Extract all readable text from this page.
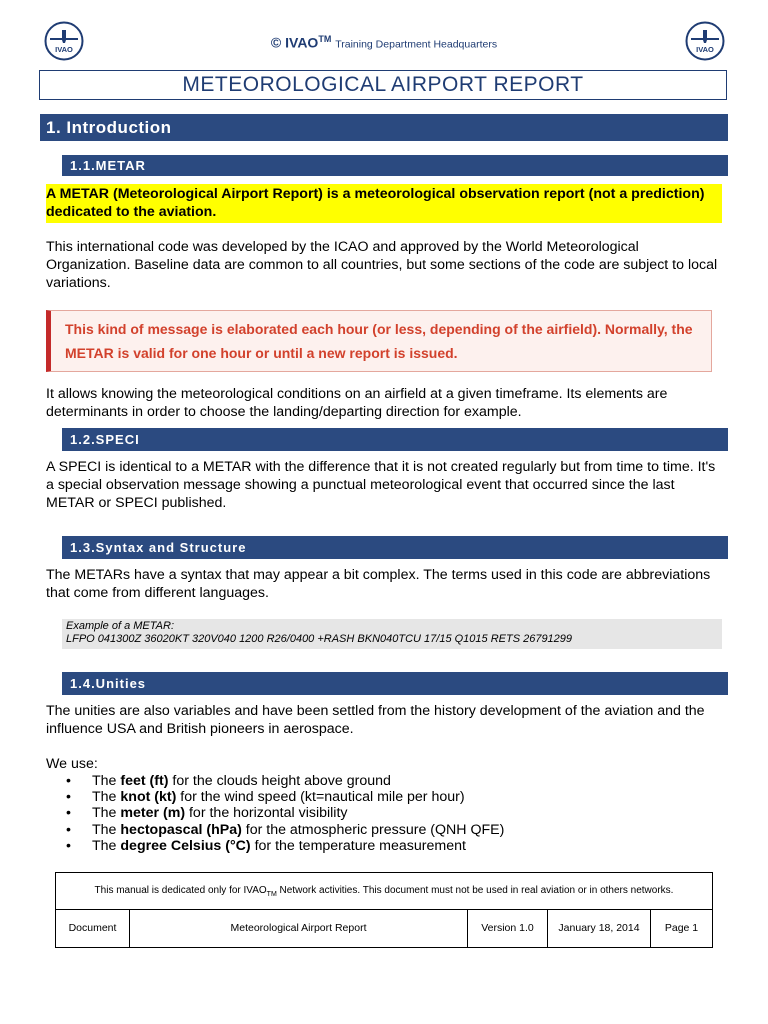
IVAO	IVAO
© IVAO™ Training Department Headquarters
METEOROLOGICAL AIRPORT REPORT
1. Introduction
1.1.METAR
A METAR (Meteorological Airport Report) is a meteorological observation report (not a prediction) dedicated to the aviation.
This international code was developed by the ICAO and approved by the World Meteorological Organization. Baseline data are common to all countries, but some sections of the code are subject to local variations.
This kind of message is elaborated each hour (or less, depending of the airfield). Normally, the METAR is valid for one hour or until a new report is issued.
It allows knowing the meteorological conditions on an airfield at a given timeframe. Its elements are determinants in order to choose the landing/departing direction for example.
1.2.SPECI
A SPECI is identical to a METAR with the difference that it is not created regularly but from time to time. It's a special observation message showing a punctual meteorological event that occurred since the last METAR or SPECI published.
1.3.Syntax and Structure
The METARs have a syntax that may appear a bit complex. The terms used in this code are abbreviations that come from different languages.
Example of a METAR:
LFPO 041300Z 36020KT 320V040 1200 R26/0400 +RASH BKN040TCU 17/15 Q1015 RETS 26791299
1.4.Unities
The unities are also variables and have been settled from the history development of the aviation and the influence USA and British pioneers in aerospace.
We use:
• The feet (ft) for the clouds height above ground
• The knot (kt) for the wind speed (kt=nautical mile per hour)
• The meter (m) for the horizontal visibility
• The hectopascal (hPa) for the atmospheric pressure (QNH QFE)
• The degree Celsius (°C) for the temperature measurement
This manual is dedicated only for $IVAO_{TM}$ Network activities. This document must not be used in real aviation or in others networks.
Document	Meteorological Airport Report	Version 1.0	January 18, 2014	Page 1
